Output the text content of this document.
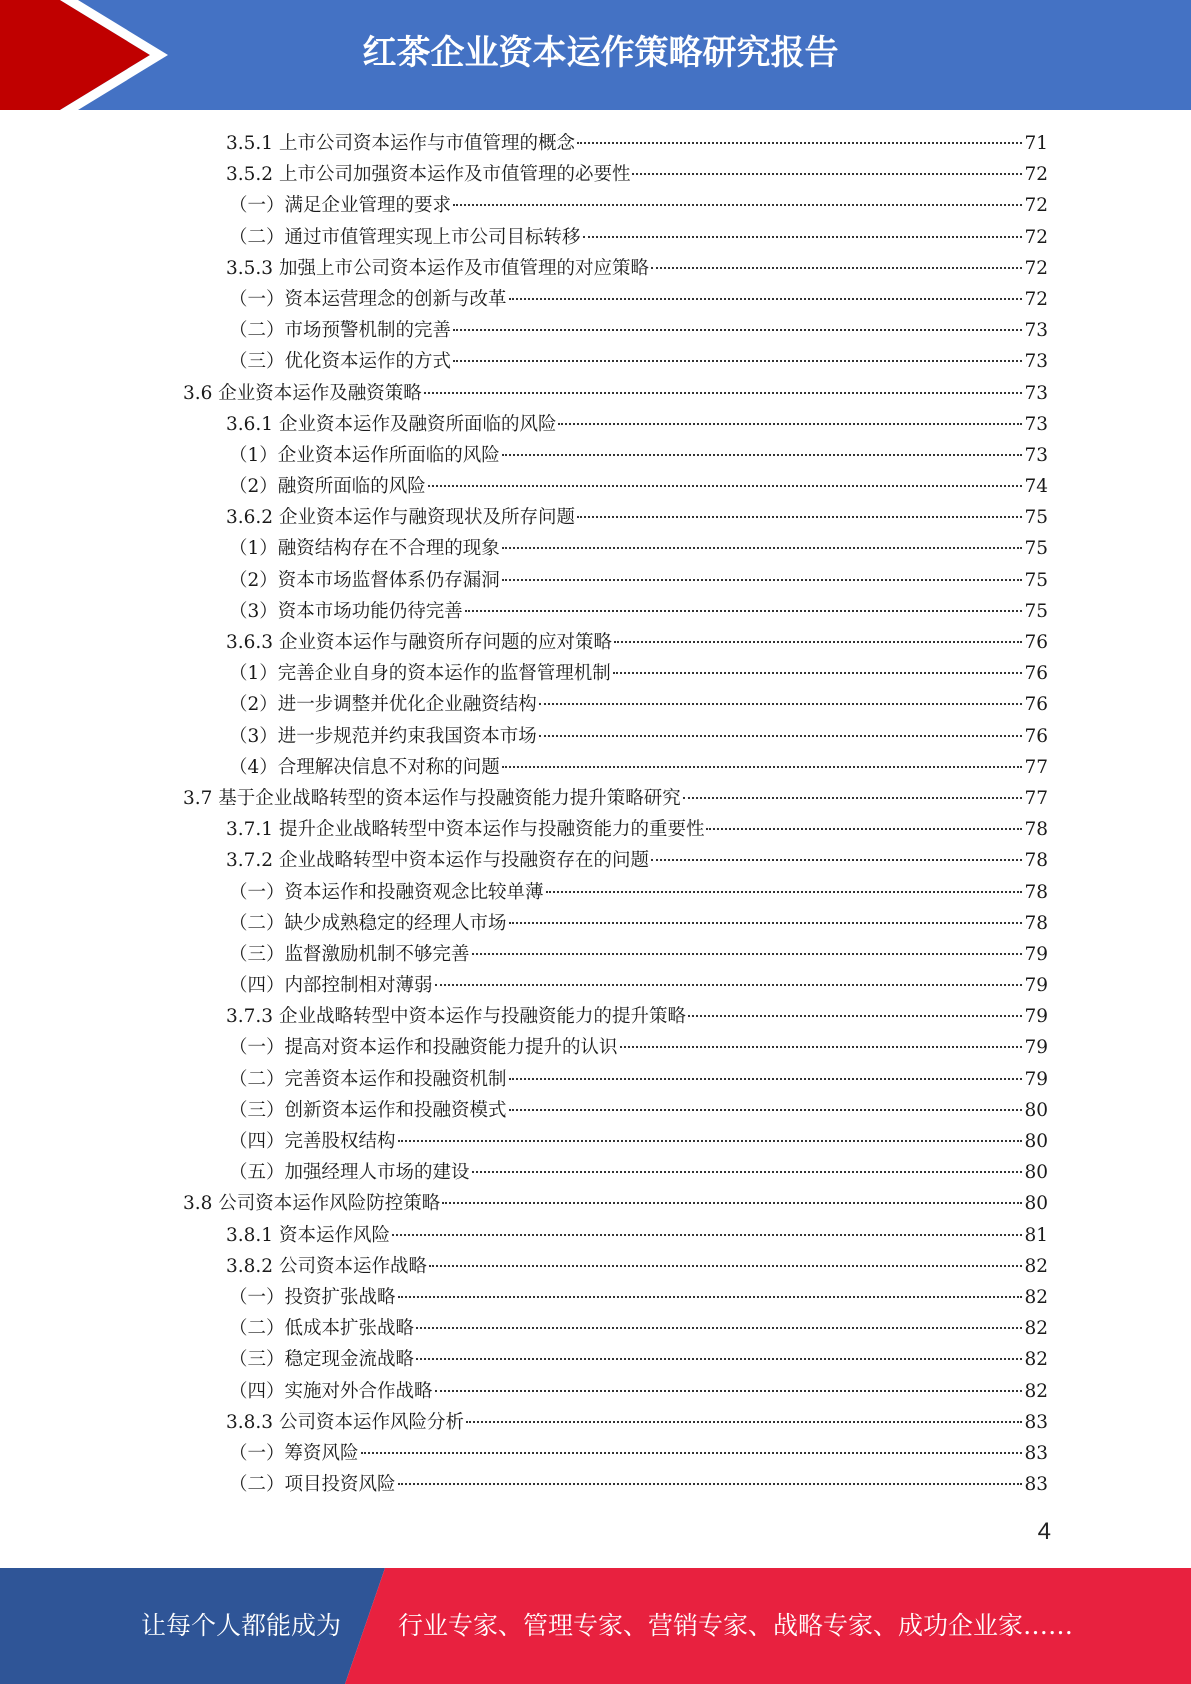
红茶企业资本运作策略研究报告
3.5.1 上市公司资本运作与市值管理的概念	71
3.5.2 上市公司加强资本运作及市值管理的必要性	72
（一）满足企业管理的要求	72
（二）通过市值管理实现上市公司目标转移	72
3.5.3 加强上市公司资本运作及市值管理的对应策略	72
（一）资本运营理念的创新与改革	72
（二）市场预警机制的完善	73
（三）优化资本运作的方式	73
3.6 企业资本运作及融资策略	73
3.6.1 企业资本运作及融资所面临的风险	73
（1）企业资本运作所面临的风险	73
（2）融资所面临的风险	74
3.6.2 企业资本运作与融资现状及所存问题	75
（1）融资结构存在不合理的现象	75
（2）资本市场监督体系仍存漏洞	75
（3）资本市场功能仍待完善	75
3.6.3 企业资本运作与融资所存问题的应对策略	76
（1）完善企业自身的资本运作的监督管理机制	76
（2）进一步调整并优化企业融资结构	76
（3）进一步规范并约束我国资本市场	76
（4）合理解决信息不对称的问题	77
3.7 基于企业战略转型的资本运作与投融资能力提升策略研究	77
3.7.1 提升企业战略转型中资本运作与投融资能力的重要性	78
3.7.2 企业战略转型中资本运作与投融资存在的问题	78
（一）资本运作和投融资观念比较单薄	78
（二）缺少成熟稳定的经理人市场	78
（三）监督激励机制不够完善	79
（四）内部控制相对薄弱	79
3.7.3 企业战略转型中资本运作与投融资能力的提升策略	79
（一）提高对资本运作和投融资能力提升的认识	79
（二）完善资本运作和投融资机制	79
（三）创新资本运作和投融资模式	80
（四）完善股权结构	80
（五）加强经理人市场的建设	80
3.8 公司资本运作风险防控策略	80
3.8.1 资本运作风险	81
3.8.2 公司资本运作战略	82
（一）投资扩张战略	82
（二）低成本扩张战略	82
（三）稳定现金流战略	82
（四）实施对外合作战略	82
3.8.3 公司资本运作风险分析	83
（一）筹资风险	83
（二）项目投资风险	83
4
让每个人都能成为 行业专家、管理专家、营销专家、战略专家、成功企业家……
